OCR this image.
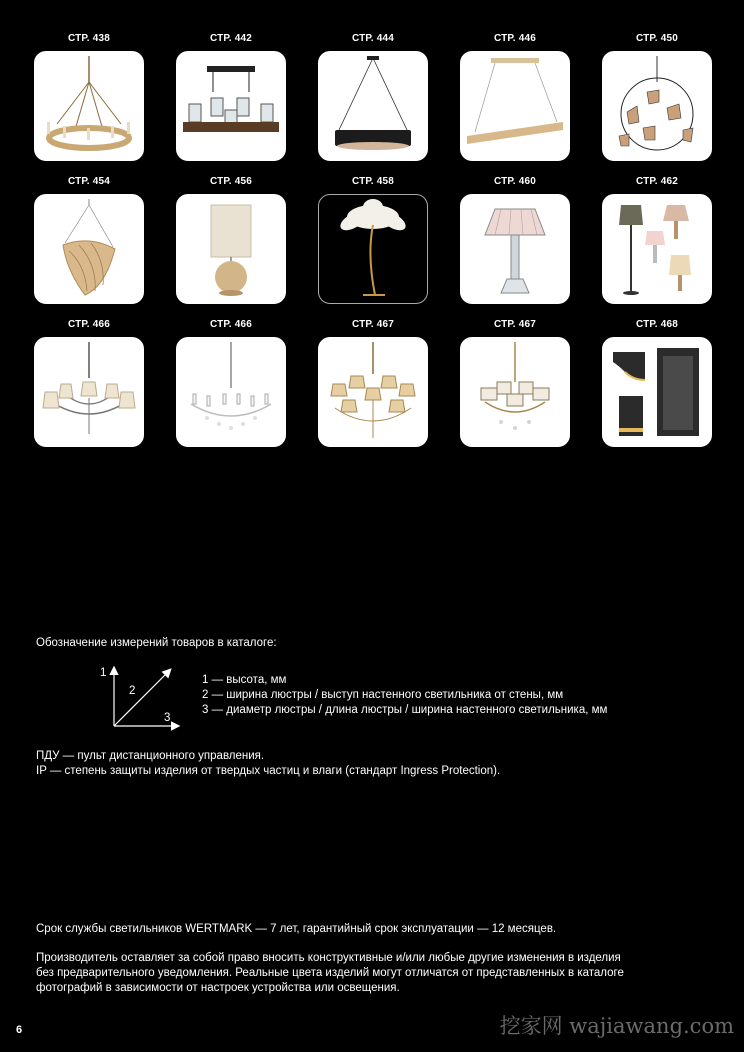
СТР. 438	СТР. 442	СТР. 444	СТР. 446	СТР. 450
СТР. 454	СТР. 456	СТР. 458	СТР. 460	СТР. 462
СТР. 466	СТР. 466	СТР. 467	СТР. 467	СТР. 468
Обозначение измерений товаров в каталоге:
1
2
3
1 — высота, мм
2 — ширина люстры / выступ настенного светильника от стены, мм
3 — диаметр люстры / длина люстры / ширина настенного светильника, мм
ПДУ — пульт дистанционного управления.
IP — степень защиты изделия от твердых частиц и влаги (стандарт Ingress Protection).
Срок службы светильников WERTMARK — 7 лет, гарантийный срок эксплуатации — 12 месяцев.
Производитель оставляет за собой право вносить конструктивные и/или любые другие изменения в изделия
без предварительного уведомления. Реальные цвета изделий могут отличатся от представленных в каталоге
фотографий в зависимости от настроек устройства или освещения.
6	挖家网 wajiawang.com
